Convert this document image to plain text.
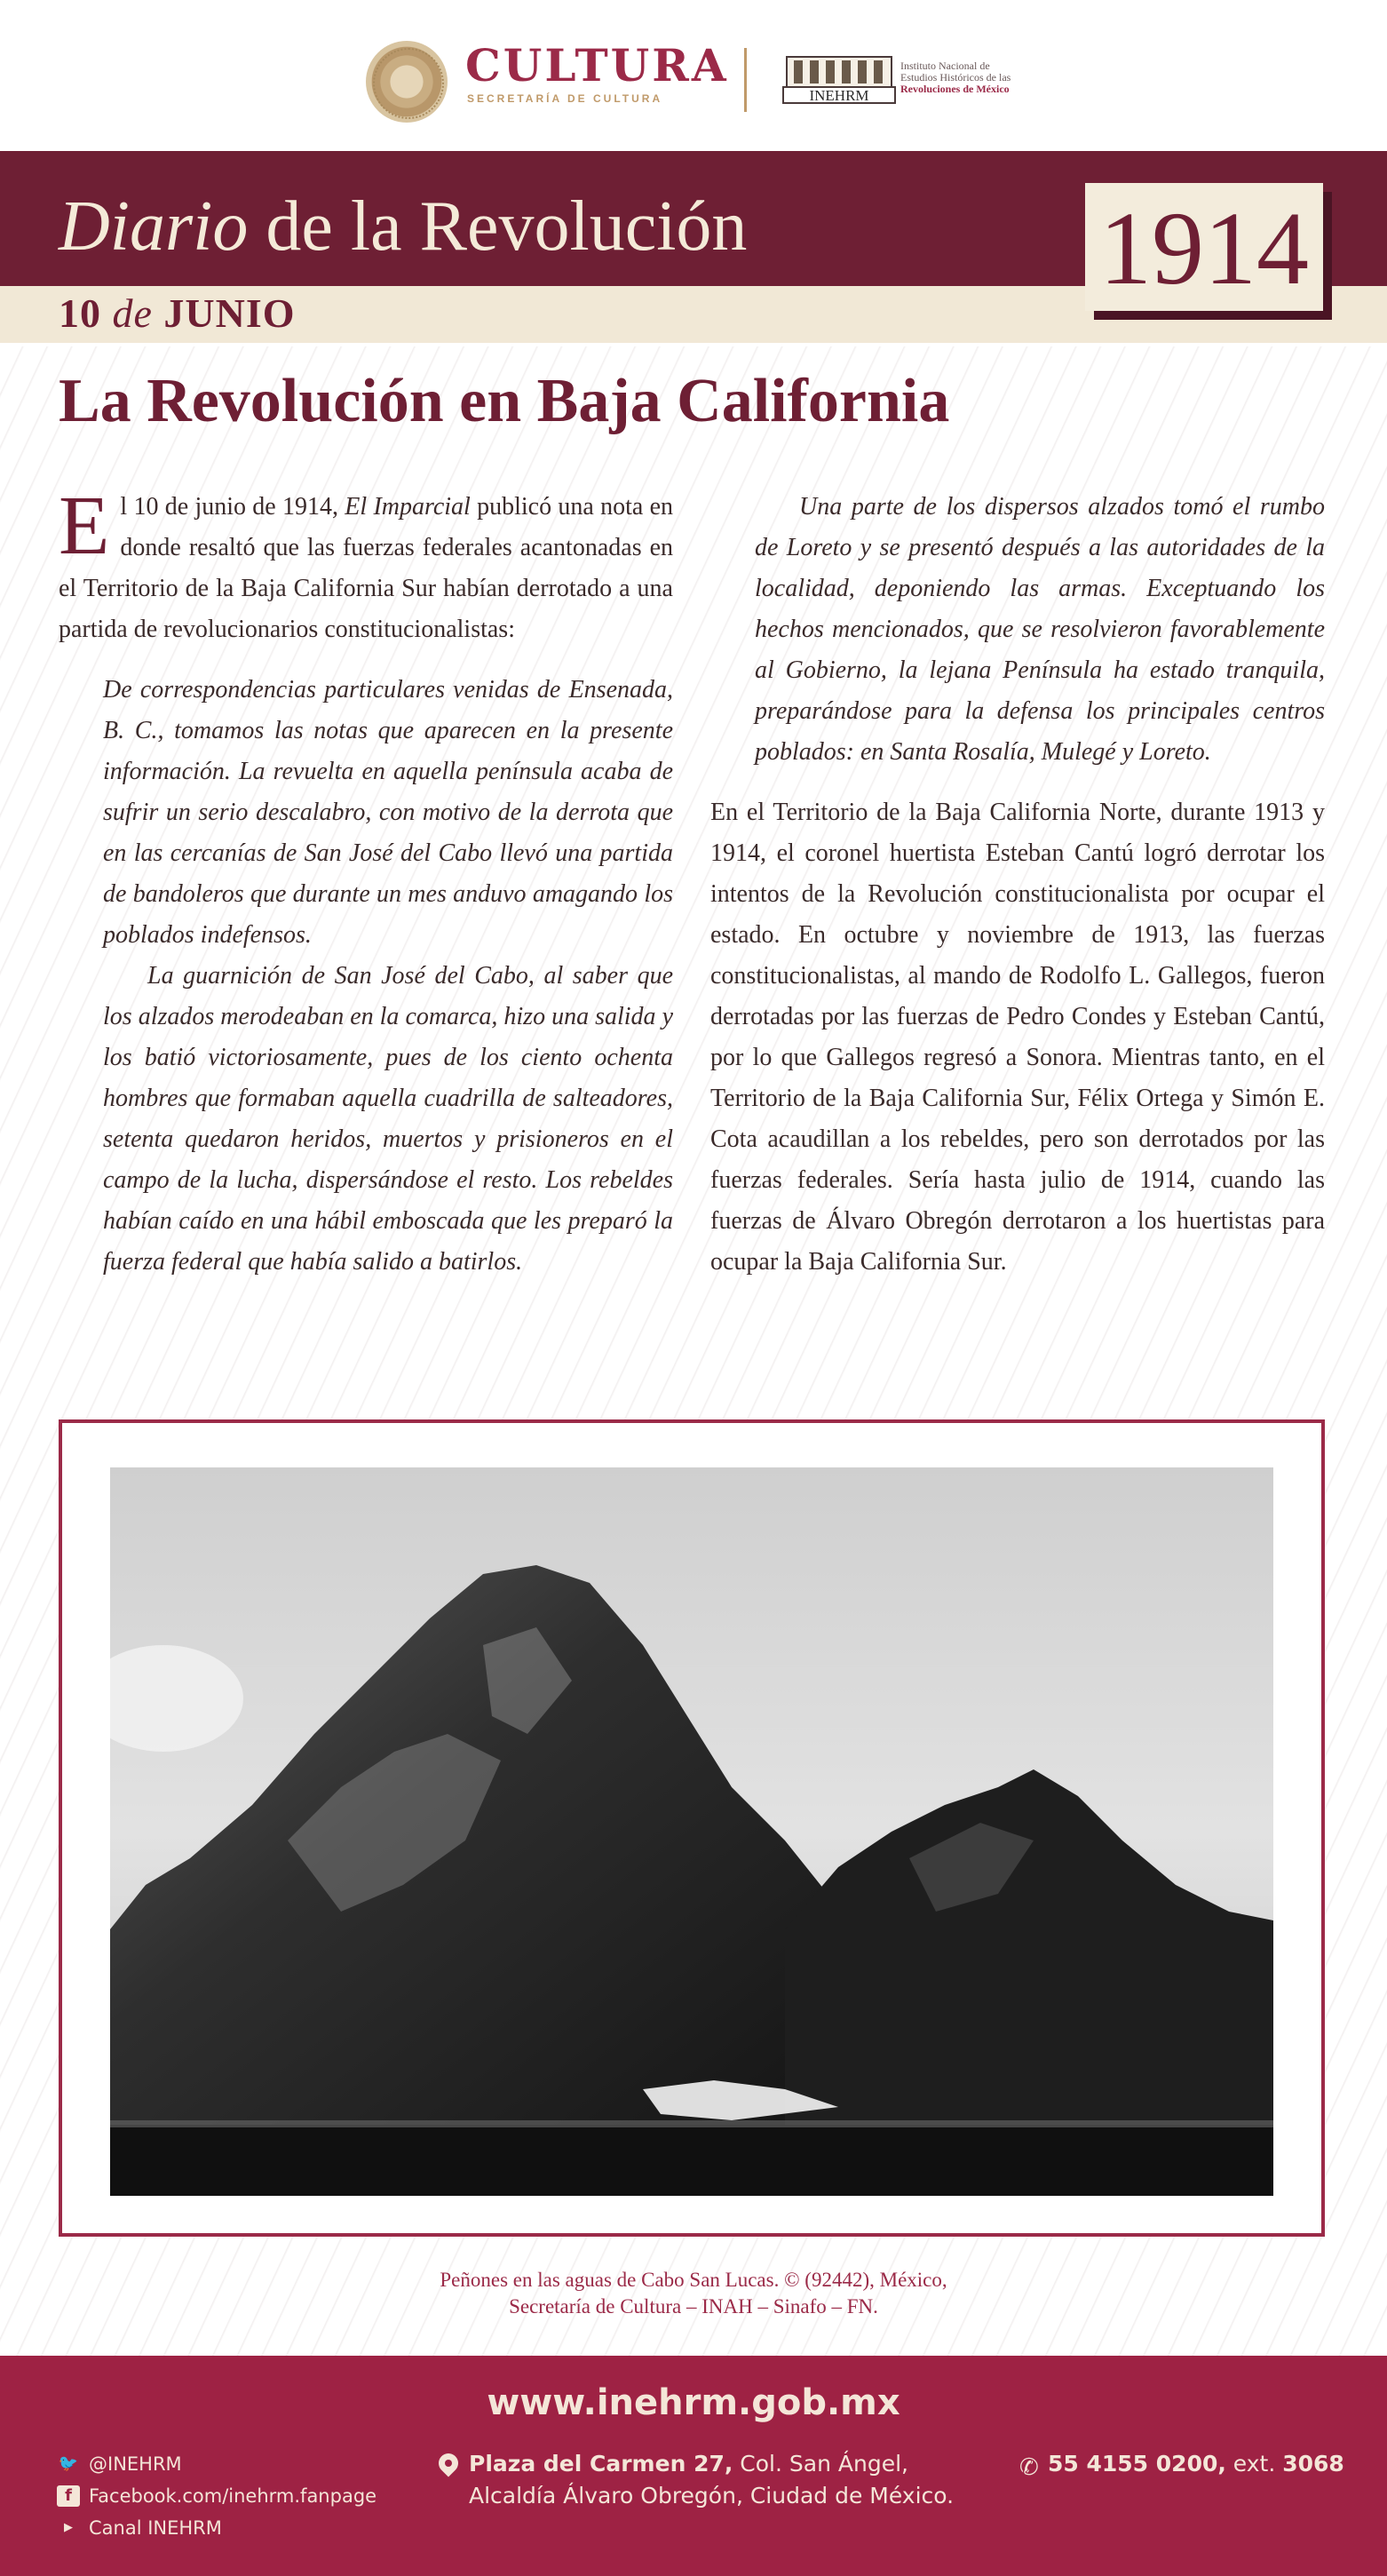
CULTURA
SECRETARÍA DE CULTURA	INEHRM
Instituto Nacional de
Estudios Históricos de las
Revoluciones de México
Diario de la Revolución
10 de JUNIO
1914
La Revolución en Baja California

El 10 de junio de 1914, El Imparcial publicó una nota en donde resaltó que las fuerzas federales acantonadas en el Territorio de la Baja California Sur habían derrotado a una partida de revolucionarios constitucionalistas:

De correspondencias particulares venidas de Ensenada, B. C., tomamos las notas que aparecen en la presente información. La revuelta en aquella península acaba de sufrir un serio descalabro, con motivo de la derrota que en las cercanías de San José del Cabo llevó una partida de bandoleros que durante un mes anduvo amagando los poblados indefensos.

La guarnición de San José del Cabo, al saber que los alzados merodeaban en la comarca, hizo una salida y los batió victoriosamente, pues de los ciento ochenta hombres que formaban aquella cuadrilla de salteadores, setenta quedaron heridos, muertos y prisioneros en el campo de la lucha, dispersándose el resto. Los rebeldes habían caído en una hábil emboscada que les preparó la fuerza federal que había salido a batirlos.

Una parte de los dispersos alzados tomó el rumbo de Loreto y se presentó después a las autoridades de la localidad, deponiendo las armas. Exceptuando los hechos mencionados, que se resolvieron favorablemente al Gobierno, la lejana Península ha estado tranquila, preparándose para la defensa los principales centros poblados: en Santa Rosalía, Mulegé y Loreto.

En el Territorio de la Baja California Norte, durante 1913 y 1914, el coronel huertista Esteban Cantú logró derrotar los intentos de la Revolución constitucionalista por ocupar el estado. En octubre y noviembre de 1913, las fuerzas constitucionalistas, al mando de Rodolfo L. Gallegos, fueron derrotadas por las fuerzas de Pedro Condes y Esteban Cantú, por lo que Gallegos regresó a Sonora. Mientras tanto, en el Territorio de la Baja California Sur, Félix Ortega y Simón E. Cota acaudillan a los rebeldes, pero son derrotados por las fuerzas federales. Sería hasta julio de 1914, cuando las fuerzas de Álvaro Obregón derrotaron a los huertistas para ocupar la Baja California Sur.

Peñones en las aguas de Cabo San Lucas. © (92442), México,
Secretaría de Cultura – INAH – Sinafo – FN.
www.inehrm.gob.mx
🐦 @INEHRM
f Facebook.com/inehrm.fanpage
▶ Canal INEHRM
Plaza del Carmen 27, Col. San Ángel,
Alcaldía Álvaro Obregón, Ciudad de México.
✆ 55 4155 0200, ext. 3068
